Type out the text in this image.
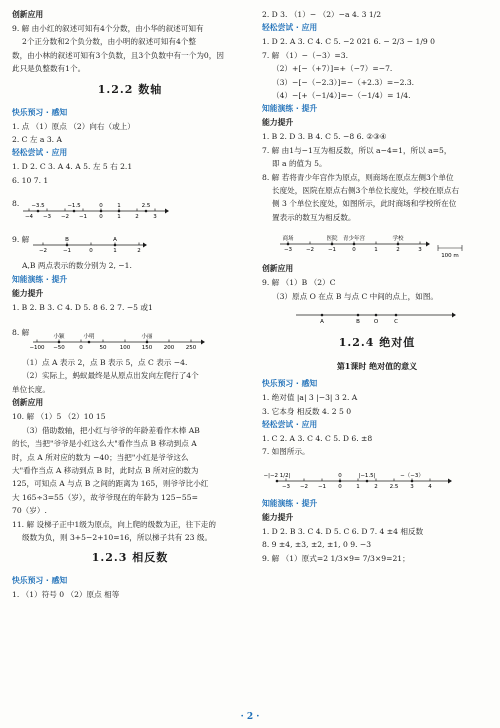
创新应用

9. 解 由小红的叙述可知有4个分数，由小华的叙述可知有

2个正分数和2个负分数，由小明的叙述可知有4个整

数，由小林的叙述可知有3个负数，且3个负数中有一个为0，因

此只是负整数有1个。

1.2.2 数轴

快乐预习 · 感知

1. 点 （1）原点 （2）向右（或上）

2. C 左 a 3. A

轻松尝试 · 应用

1. D 2. C 3. A 4. A 5. 左 5 右 2.1

6. 10 7. 1

8.

−4 −3 −2 −1 0	1	2	3
−3.5	−1.5	0	1	2.5

9. 解

−2	−1	0	1	2
B	A

A,B 两点表示的数分别为 2, −1.

知能演练 · 提升

能力提升

1. B 2. B 3. C 4. D 5. 8 6. 2 7. −5 或1

8. 解

−100 −50	0	50 100 150 200 250
小颖	小明	小丽

（1）点 A 表示 2，点 B 表示 5，点 C 表示 −4.

（2）实际上，蚂蚁最终是从原点出发向左爬行了4个

单位长度。

创新应用

10. 解 （1）5 （2）10 15

（3）借助数轴，把小红与爷爷的年龄差看作木棒 AB

的长，当把"爷爷是小红这么大"看作当点 B 移动到点 A

时，点 A 所对应的数为 −40；当把"小红是爷爷这么

大"看作当点 A 移动到点 B 时，此时点 B 所对应的数为

125，可知点 A 与点 B 之间的距离为 165，则爷爷比小红

大 165÷3=55（岁），故爷爷现在的年龄为 125−55=

70（岁）.

11. 解 设梯子正中1级为原点，向上爬的级数为正，往下走的

级数为负，则 3+5−2+10=16，所以梯子共有 23 级。

1.2.3 相反数

快乐预习 · 感知

1. （1）符号 0 （2）原点 相等

2. D 3. （1）− （2）−a 4. 3 1/2

轻松尝试 · 应用

1. D 2. A 3. C 4. C 5. −2 021 6. − 2/3 − 1/9 0

7. 解 （1）−（−3）=3.

（2）+[−（+7）]=+（−7）=−7.

（3）−[−（−2.3）]=−（+2.3）=−2.3.

（4）−[+（−1/4）]=−（−1/4）= 1/4.

知能演练 · 提升

能力提升

1. B 2. D 3. B 4. C 5. −8 6. ②③④

7. 解 由1与−1互为相反数，所以 a−4=1，所以 a=5，

即 a 的值为 5。

8. 解 若将青少年宫作为原点，则商场在原点左侧3个单位

长度处，医院在原点右侧3个单位长度处，学校在原点右

侧 3 个单位长度处，如图所示，此时商场和学校所在位

置表示的数互为相反数。

−3	−2	−1	0	1	2	3
商场	医院 青少年宫	学校
100 m

创新应用

9. 解 （1）B （2）C

（3）原点 O 在点 B 与点 C 中间的点上，如图。

A	B	O	C

1.2.4 绝对值

第1课时 绝对值的意义

快乐预习 · 感知

1. 绝对值 |a| 3 |−3| 3 2. A

3. 它本身 相反数 4. 2 5 0

轻松尝试 · 应用

1. C 2. A 3. C 4. C 5. D 6. ±8

7. 如图所示。

−3 −2 −1 0	1	2 2.5 3	4
−|−2 1/2|	0	|−1.5|	−（−3）

知能演练 · 提升

能力提升

1. D 2. B 3. C 4. D 5. C 6. D 7. 4 ±4 相反数

8. 9 ±4, ±3, ±2, ±1, 0 9. −3

9. 解 （1）原式=2 1/3×9= 7/3×9=21；

· 2 ·
